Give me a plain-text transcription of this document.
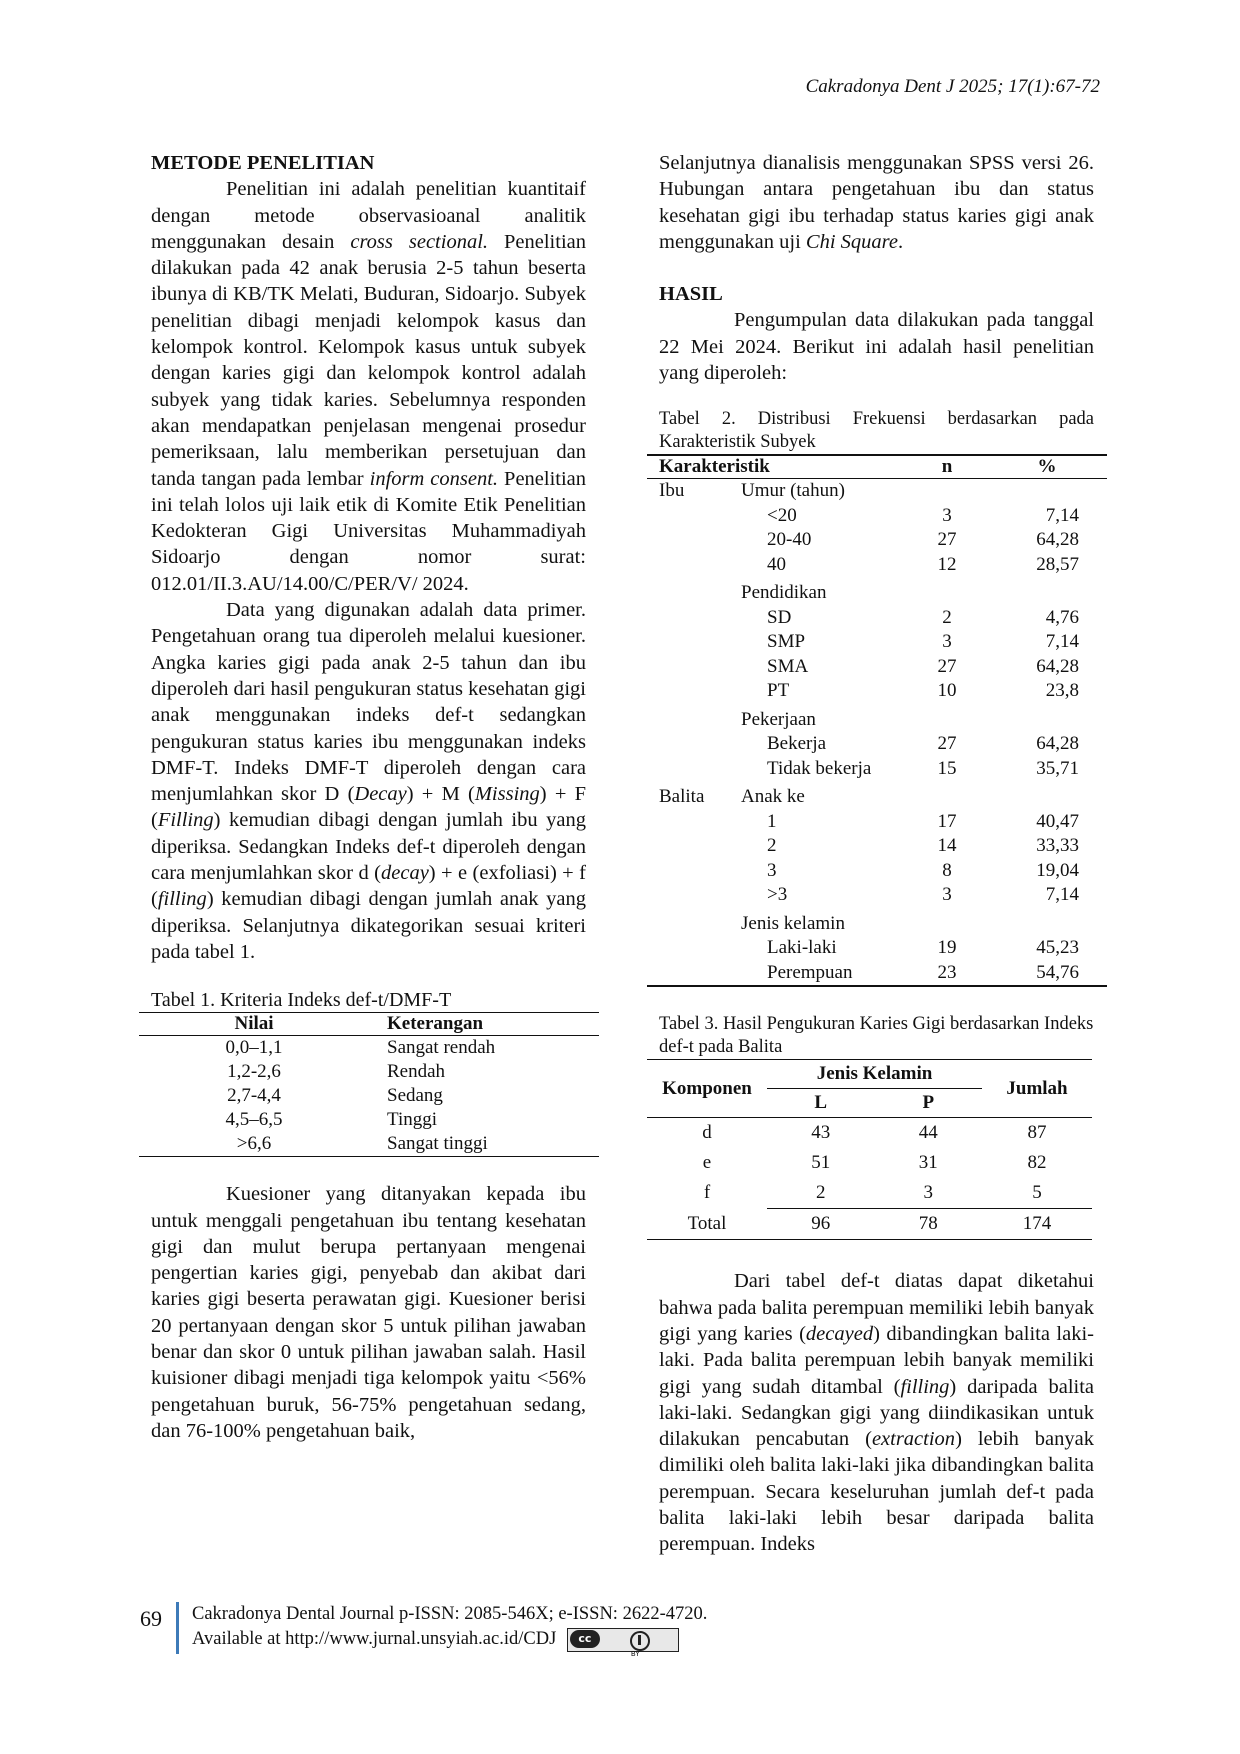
Cakradonya Dent J 2025; 17(1):67-72

METODE PENELITIAN

Penelitian ini adalah penelitian kuantitaif dengan metode observasioanal analitik menggunakan desain cross sectional. Penelitian dilakukan pada 42 anak berusia 2-5 tahun beserta ibunya di KB/TK Melati, Buduran, Sidoarjo. Subyek penelitian dibagi menjadi kelompok kasus dan kelompok kontrol. Kelompok kasus untuk subyek dengan karies gigi dan kelompok kontrol adalah subyek yang tidak karies. Sebelumnya responden akan mendapatkan penjelasan mengenai prosedur pemeriksaan, lalu memberikan persetujuan dan tanda tangan pada lembar inform consent. Penelitian ini telah lolos uji laik etik di Komite Etik Penelitian Kedokteran Gigi Universitas Muhammadiyah Sidoarjo dengan nomor surat: 012.01/II.3.AU/14.00/C/PER/V/ 2024.

Data yang digunakan adalah data primer. Pengetahuan orang tua diperoleh melalui kuesioner. Angka karies gigi pada anak 2-5 tahun dan ibu diperoleh dari hasil pengukuran status kesehatan gigi anak menggunakan indeks def-t sedangkan pengukuran status karies ibu menggunakan indeks DMF-T. Indeks DMF-T diperoleh dengan cara menjumlahkan skor D (Decay) + M (Missing) + F (Filling) kemudian dibagi dengan jumlah ibu yang diperiksa. Sedangkan Indeks def-t diperoleh dengan cara menjumlahkan skor d (decay) + e (exfoliasi) + f (filling) kemudian dibagi dengan jumlah anak yang diperiksa. Selanjutnya dikategorikan sesuai kriteri pada tabel 1.

Tabel 1. Kriteria Indeks def-t/DMF-T

Nilai	Keterangan
0,0–1,1	Sangat rendah
1,2-2,6	Rendah
2,7-4,4	Sedang
4,5–6,5	Tinggi
>6,6	Sangat tinggi

Kuesioner yang ditanyakan kepada ibu untuk menggali pengetahuan ibu tentang kesehatan gigi dan mulut berupa pertanyaan mengenai pengertian karies gigi, penyebab dan akibat dari karies gigi beserta perawatan gigi. Kuesioner berisi 20 pertanyaan dengan skor 5 untuk pilihan jawaban benar dan skor 0 untuk pilihan jawaban salah. Hasil kuisioner dibagi menjadi tiga kelompok yaitu <56% pengetahuan buruk, 56-75% pengetahuan sedang, dan 76-100% pengetahuan baik,

Selanjutnya dianalisis menggunakan SPSS versi 26. Hubungan antara pengetahuan ibu dan status kesehatan gigi ibu terhadap status karies gigi anak menggunakan uji Chi Square.

HASIL

Pengumpulan data dilakukan pada tanggal 22 Mei 2024. Berikut ini adalah hasil penelitian yang diperoleh:

Tabel 2. Distribusi Frekuensi berdasarkan pada Karakteristik Subyek

Karakteristik		n	%
Ibu	Umur (tahun)		
	<20	3	7,14
	20-40	27	64,28
	40	12	28,57
	Pendidikan		
	SD	2	4,76
	SMP	3	7,14
	SMA	27	64,28
	PT	10	23,8
	Pekerjaan		
	Bekerja	27	64,28
	Tidak bekerja	15	35,71
Balita	Anak ke		
	1	17	40,47
	2	14	33,33
	3	8	19,04
	>3	3	7,14
	Jenis kelamin		
	Laki-laki	19	45,23
	Perempuan	23	54,76

Tabel 3. Hasil Pengukuran Karies Gigi berdasarkan Indeks def-t pada Balita

Komponen	Jenis Kelamin		Jumlah
	L	P	
d	43	44	87
e	51	31	82
f	2	3	5
Total	96	78	174

Dari tabel def-t diatas dapat diketahui bahwa pada balita perempuan memiliki lebih banyak gigi yang karies (decayed) dibandingkan balita laki-laki. Pada balita perempuan lebih banyak memiliki gigi yang sudah ditambal (filling) daripada balita laki-laki. Sedangkan gigi yang diindikasikan untuk dilakukan pencabutan (extraction) lebih banyak dimiliki oleh balita laki-laki jika dibandingkan balita perempuan. Secara keseluruhan jumlah def-t pada balita laki-laki lebih besar daripada balita perempuan. Indeks

69 Cakradonya Dental Journal p-ISSN: 2085-546X; e-ISSN: 2622-4720.
Available at http://www.jurnal.unsyiah.ac.id/CDJ	cc
BY
